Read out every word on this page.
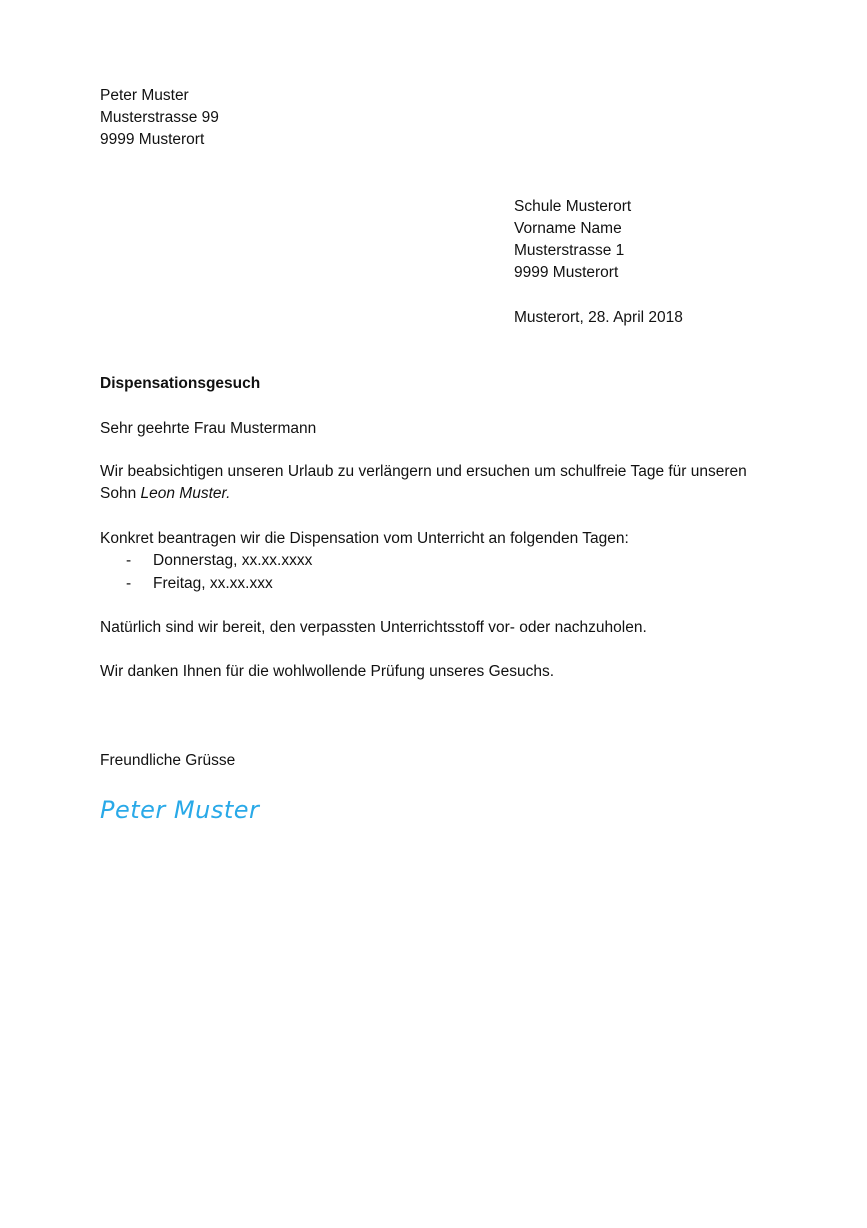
Peter Muster
Musterstrasse 99
9999 Musterort
Schule Musterort
Vorname Name
Musterstrasse 1
9999 Musterort
Musterort, 28. April 2018
Dispensationsgesuch
Sehr geehrte Frau Mustermann
Wir beabsichtigen unseren Urlaub zu verlängern und ersuchen um schulfreie Tage für unseren
Sohn Leon Muster.
Konkret beantragen wir die Dispensation vom Unterricht an folgenden Tagen:
- Donnerstag, xx.xx.xxxx
- Freitag, xx.xx.xxx
Natürlich sind wir bereit, den verpassten Unterrichtsstoff vor- oder nachzuholen.
Wir danken Ihnen für die wohlwollende Prüfung unseres Gesuchs.
Freundliche Grüsse
Peter Muster
